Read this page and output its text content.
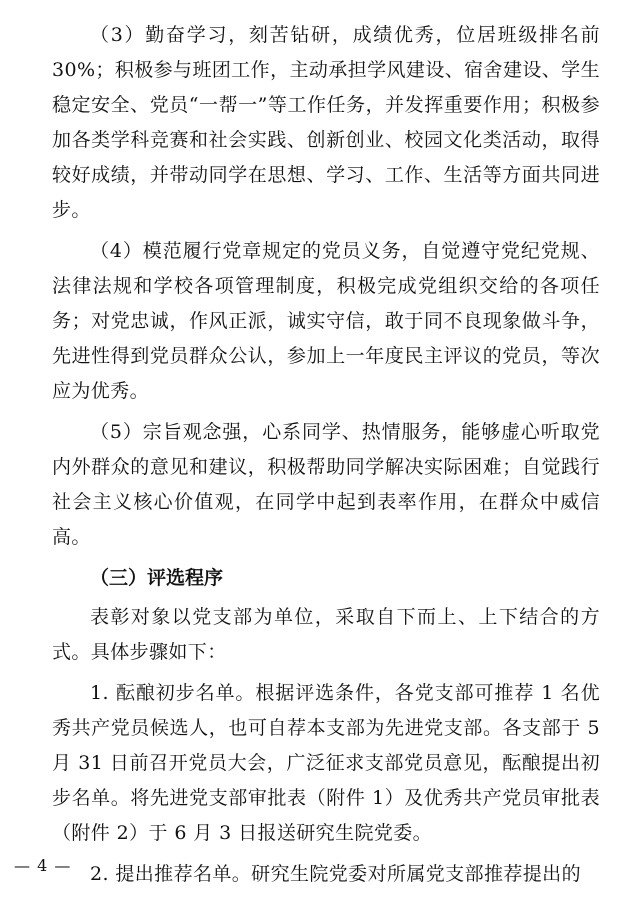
（3）勤奋学习，刻苦钻研，成绩优秀，位居班级排名前 30%；积极参与班团工作，主动承担学风建设、宿舍建设、学生稳定安全、党员“一帮一”等工作任务，并发挥重要作用；积极参加各类学科竞赛和社会实践、创新创业、校园文化类活动，取得较好成绩，并带动同学在思想、学习、工作、生活等方面共同进步。

（4）模范履行党章规定的党员义务，自觉遵守党纪党规、法律法规和学校各项管理制度，积极完成党组织交给的各项任务；对党忠诚，作风正派，诚实守信，敢于同不良现象做斗争，先进性得到党员群众公认，参加上一年度民主评议的党员，等次应为优秀。

（5）宗旨观念强，心系同学、热情服务，能够虚心听取党内外群众的意见和建议，积极帮助同学解决实际困难；自觉践行社会主义核心价值观，在同学中起到表率作用，在群众中威信高。

（三）评选程序

表彰对象以党支部为单位，采取自下而上、上下结合的方式。具体步骤如下：

1. 酝酿初步名单。根据评选条件，各党支部可推荐 1 名优秀共产党员候选人，也可自荐本支部为先进党支部。各支部于 5 月 31 日前召开党员大会，广泛征求支部党员意见，酝酿提出初步名单。将先进党支部审批表（附件 1）及优秀共产党员审批表（附件 2）于 6 月 3 日报送研究生院党委。

2. 提出推荐名单。研究生院党委对所属党支部推荐提出的

— 4 —
